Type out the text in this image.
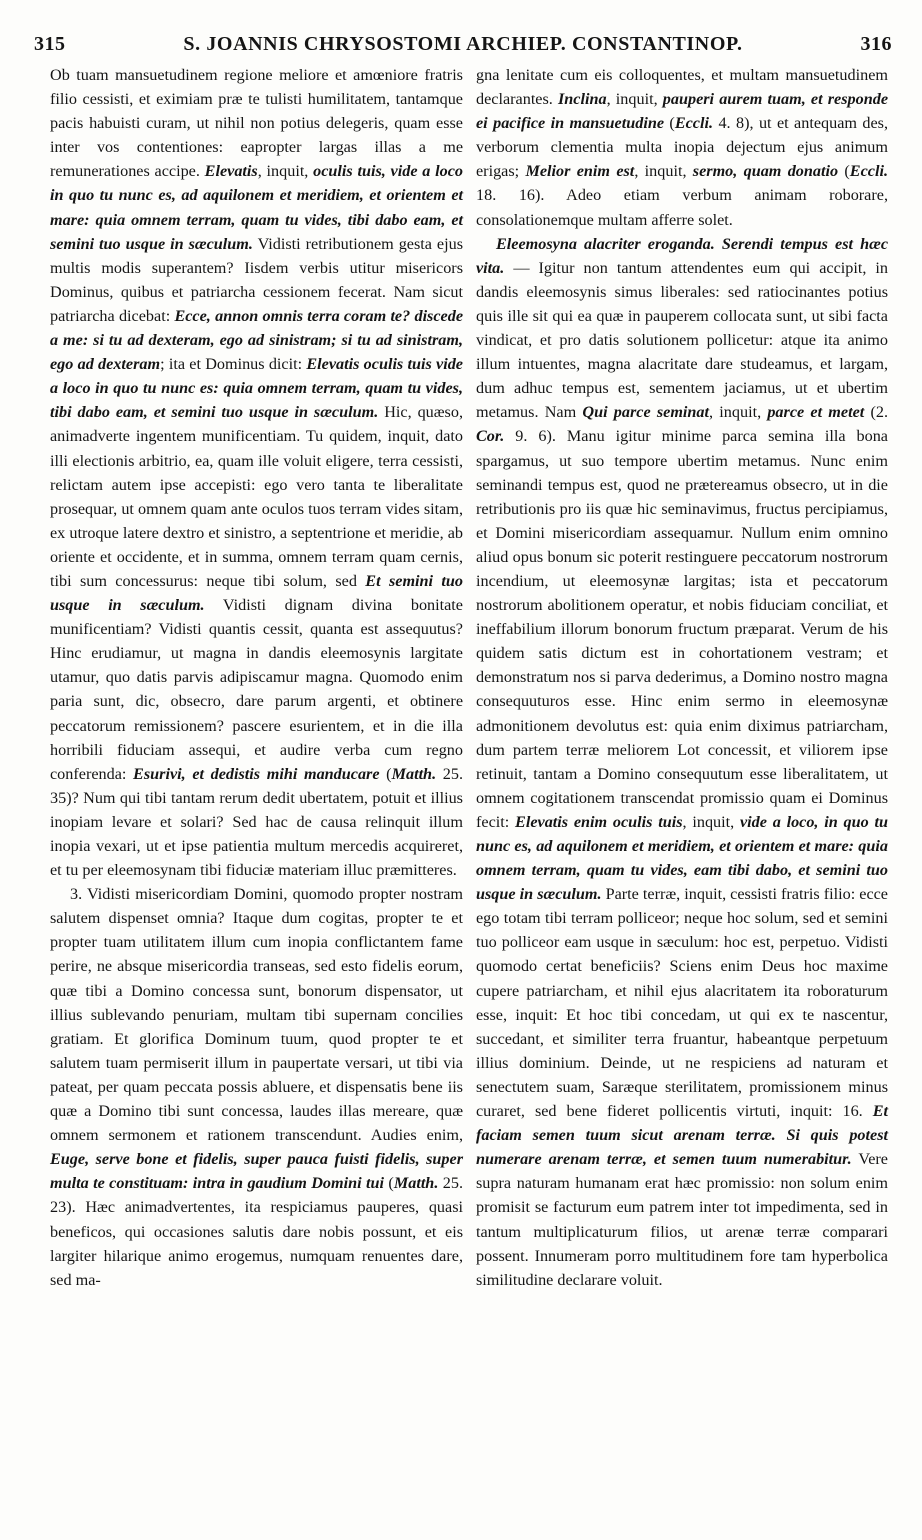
315	S. JOANNIS CHRYSOSTOMI ARCHIEP. CONSTANTINOP.	316

Ob tuam mansuetudinem regione meliore et amœniore fratris filio cessisti, et eximiam præ te tulisti humilitatem, tantamque pacis habuisti curam, ut nihil non potius delegeris, quam esse inter vos contentiones: eapropter largas illas a me remunerationes accipe. Elevatis, inquit, oculis tuis, vide a loco in quo tu nunc es, ad aquilonem et meridiem, et orientem et mare: quia omnem terram, quam tu vides, tibi dabo eam, et semini tuo usque in sæculum. Vidisti retributionem gesta ejus multis modis superantem? Iisdem verbis utitur misericors Dominus, quibus et patriarcha cessionem fecerat. Nam sicut patriarcha dicebat: Ecce, annon omnis terra coram te? discede a me: si tu ad dexteram, ego ad sinistram; si tu ad sinistram, ego ad dexteram; ita et Dominus dicit: Elevatis oculis tuis vide a loco in quo tu nunc es: quia omnem terram, quam tu vides, tibi dabo eam, et semini tuo usque in sæculum. Hic, quæso, animadverte ingentem munificentiam. Tu quidem, inquit, dato illi electionis arbitrio, ea, quam ille voluit eligere, terra cessisti, relictam autem ipse accepisti: ego vero tanta te liberalitate prosequar, ut omnem quam ante oculos tuos terram vides sitam, ex utroque latere dextro et sinistro, a septentrione et meridie, ab oriente et occidente, et in summa, omnem terram quam cernis, tibi sum concessurus: neque tibi solum, sed Et semini tuo usque in sæculum. Vidisti dignam divina bonitate munificentiam? Vidisti quantis cessit, quanta est assequutus? Hinc erudiamur, ut magna in dandis eleemosynis largitate utamur, quo datis parvis adipiscamur magna. Quomodo enim paria sunt, dic, obsecro, dare parum argenti, et obtinere peccatorum remissionem? pascere esurientem, et in die illa horribili fiduciam assequi, et audire verba cum regno conferenda: Esurivi, et dedistis mihi manducare (Matth. 25. 35)? Num qui tibi tantam rerum dedit ubertatem, potuit et illius inopiam levare et solari? Sed hac de causa relinquit illum inopia vexari, ut et ipse patientia multum mercedis acquireret, et tu per eleemosynam tibi fiduciæ materiam illuc præmitteres.

3. Vidisti misericordiam Domini, quomodo propter nostram salutem dispenset omnia? Itaque dum cogitas, propter te et propter tuam utilitatem illum cum inopia conflictantem fame perire, ne absque misericordia transeas, sed esto fidelis eorum, quæ tibi a Domino concessa sunt, bonorum dispensator, ut illius sublevando penuriam, multam tibi supernam concilies gratiam. Et glorifica Dominum tuum, quod propter te et salutem tuam permiserit illum in paupertate versari, ut tibi via pateat, per quam peccata possis abluere, et dispensatis bene iis quæ a Domino tibi sunt concessa, laudes illas mereare, quæ omnem sermonem et rationem transcendunt. Audies enim, Euge, serve bone et fidelis, super pauca fuisti fidelis, super multa te constituam: intra in gaudium Domini tui (Matth. 25. 23). Hæc animadvertentes, ita respiciamus pauperes, quasi beneficos, qui occasiones salutis dare nobis possunt, et eis largiter hilarique animo erogemus, numquam renuentes dare, sed ma-

gna lenitate cum eis colloquentes, et multam mansuetudinem declarantes. Inclina, inquit, pauperi aurem tuam, et responde ei pacifice in mansuetudine (Eccli. 4. 8), ut et antequam des, verborum clementia multa inopia dejectum ejus animum erigas; Melior enim est, inquit, sermo, quam donatio (Eccli. 18. 16). Adeo etiam verbum animam roborare, consolationemque multam afferre solet.

Eleemosyna alacriter eroganda. Serendi tempus est hæc vita. — Igitur non tantum attendentes eum qui accipit, in dandis eleemosynis simus liberales: sed ratiocinantes potius quis ille sit qui ea quæ in pauperem collocata sunt, ut sibi facta vindicat, et pro datis solutionem pollicetur: atque ita animo illum intuentes, magna alacritate dare studeamus, et largam, dum adhuc tempus est, sementem jaciamus, ut et ubertim metamus. Nam Qui parce seminat, inquit, parce et metet (2. Cor. 9. 6). Manu igitur minime parca semina illa bona spargamus, ut suo tempore ubertim metamus. Nunc enim seminandi tempus est, quod ne prætereamus obsecro, ut in die retributionis pro iis quæ hic seminavimus, fructus percipiamus, et Domini misericordiam assequamur. Nullum enim omnino aliud opus bonum sic poterit restinguere peccatorum nostrorum incendium, ut eleemosynæ largitas; ista et peccatorum nostrorum abolitionem operatur, et nobis fiduciam conciliat, et ineffabilium illorum bonorum fructum præparat. Verum de his quidem satis dictum est in cohortationem vestram; et demonstratum nos si parva dederimus, a Domino nostro magna consequuturos esse. Hinc enim sermo in eleemosynæ admonitionem devolutus est: quia enim diximus patriarcham, dum partem terræ meliorem Lot concessit, et viliorem ipse retinuit, tantam a Domino consequutum esse liberalitatem, ut omnem cogitationem transcendat promissio quam ei Dominus fecit: Elevatis enim oculis tuis, inquit, vide a loco, in quo tu nunc es, ad aquilonem et meridiem, et orientem et mare: quia omnem terram, quam tu vides, eam tibi dabo, et semini tuo usque in sæculum. Parte terræ, inquit, cessisti fratris filio: ecce ego totam tibi terram polliceor; neque hoc solum, sed et semini tuo polliceor eam usque in sæculum: hoc est, perpetuo. Vidisti quomodo certat beneficiis? Sciens enim Deus hoc maxime cupere patriarcham, et nihil ejus alacritatem ita roboraturum esse, inquit: Et hoc tibi concedam, ut qui ex te nascentur, succedant, et similiter terra fruantur, habeantque perpetuum illius dominium. Deinde, ut ne respiciens ad naturam et senectutem suam, Saræque sterilitatem, promissionem minus curaret, sed bene fideret pollicentis virtuti, inquit: 16. Et faciam semen tuum sicut arenam terræ. Si quis potest numerare arenam terræ, et semen tuum numerabitur. Vere supra naturam humanam erat hæc promissio: non solum enim promisit se facturum eum patrem inter tot impedimenta, sed in tantum multiplicaturum filios, ut arenæ terræ comparari possent. Innumeram porro multitudinem fore tam hyperbolica similitudine declarare voluit.
